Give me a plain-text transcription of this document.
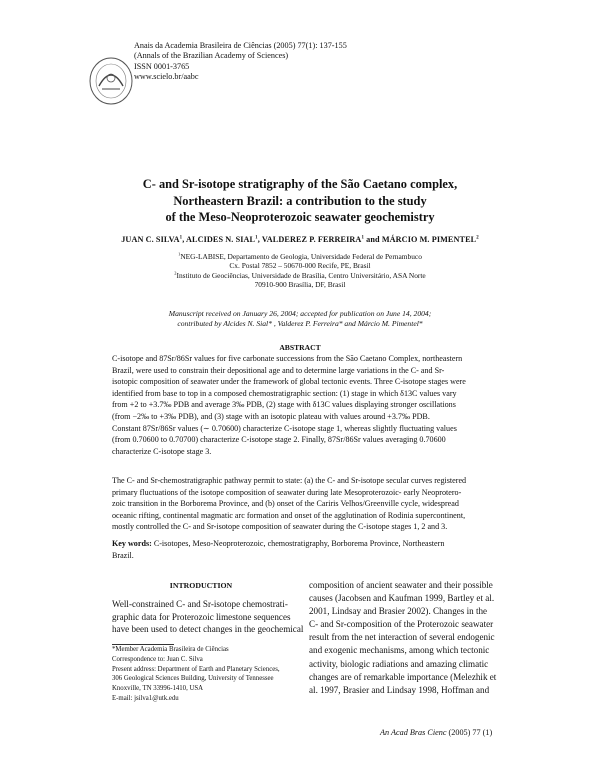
Anais da Academia Brasileira de Ciências (2005) 77(1): 137-155
(Annals of the Brazilian Academy of Sciences)
ISSN 0001-3765
www.scielo.br/aabc
C- and Sr-isotope stratigraphy of the São Caetano complex,
Northeastern Brazil: a contribution to the study
of the Meso-Neoproterozoic seawater geochemistry
JUAN C. SILVA$^1$, ALCIDES N. SIAL$^1$, VALDEREZ P. FERREIRA$^1$ and MÁRCIO M. PIMENTEL$^2$
$^1$NEG-LABISE, Departamento de Geologia, Universidade Federal de Pernambuco
Cx. Postal 7852 – 50670-000 Recife, PE, Brasil
$^2$Instituto de Geociências, Universidade de Brasília, Centro Universitário, ASA Norte
70910-900 Brasília, DF, Brasil
Manuscript received on January 26, 2004; accepted for publication on June 14, 2004;
contributed by Alcides N. Sial* , Valderez P. Ferreira* and Márcio M. Pimentel*
ABSTRACT
C-isotope and 87Sr/86Sr values for five carbonate successions from the São Caetano Complex, northeastern
Brazil, were used to constrain their depositional age and to determine large variations in the C- and Sr-
isotopic composition of seawater under the framework of global tectonic events. Three C-isotope stages were
identified from base to top in a composed chemostratigraphic section: (1) stage in which δ13C values vary
from +2 to +3.7‰ PDB and average 3‰ PDB, (2) stage with δ13C values displaying stronger oscillations
(from −2‰ to +3‰ PDB), and (3) stage with an isotopic plateau with values around +3.7‰ PDB.
Constant 87Sr/86Sr values (∼ 0.70600) characterize C-isotope stage 1, whereas slightly fluctuating values
(from 0.70600 to 0.70700) characterize C-isotope stage 2. Finally, 87Sr/86Sr values averaging 0.70600
characterize C-isotope stage 3.
The C- and Sr-chemostratigraphic pathway permit to state: (a) the C- and Sr-isotope secular curves registered
primary fluctuations of the isotope composition of seawater during late Mesoproterozoic- early Neoprotero-
zoic transition in the Borborema Province, and (b) onset of the Cariris Velhos/Greenville cycle, widespread
oceanic rifting, continental magmatic arc formation and onset of the agglutination of Rodinia supercontinent,
mostly controlled the C- and Sr-isotope composition of seawater during the C-isotope stages 1, 2 and 3.
Key words: C-isotopes, Meso-Neoproterozoic, chemostratigraphy, Borborema Province, Northeastern
Brazil.
INTRODUCTION
Well-constrained C- and Sr-isotope chemostrati-
graphic data for Proterozoic limestone sequences
have been used to detect changes in the geochemical
*Member Academia Brasileira de Ciências
Correspondence to: Juan C. Silva
Present address: Department of Earth and Planetary Sciences,
306 Geological Sciences Building, University of Tennessee
Knoxville, TN 33996-1410, USA
E-mail: jsilva1@utk.edu
composition of ancient seawater and their possible
causes (Jacobsen and Kaufman 1999, Bartley et al.
2001, Lindsay and Brasier 2002). Changes in the
C- and Sr-composition of the Proterozoic seawater
result from the net interaction of several endogenic
and exogenic mechanisms, among which tectonic
activity, biologic radiations and amazing climatic
changes are of remarkable importance (Melezhik et
al. 1997, Brasier and Lindsay 1998, Hoffman and
An Acad Bras Cienc (2005) 77 (1)
